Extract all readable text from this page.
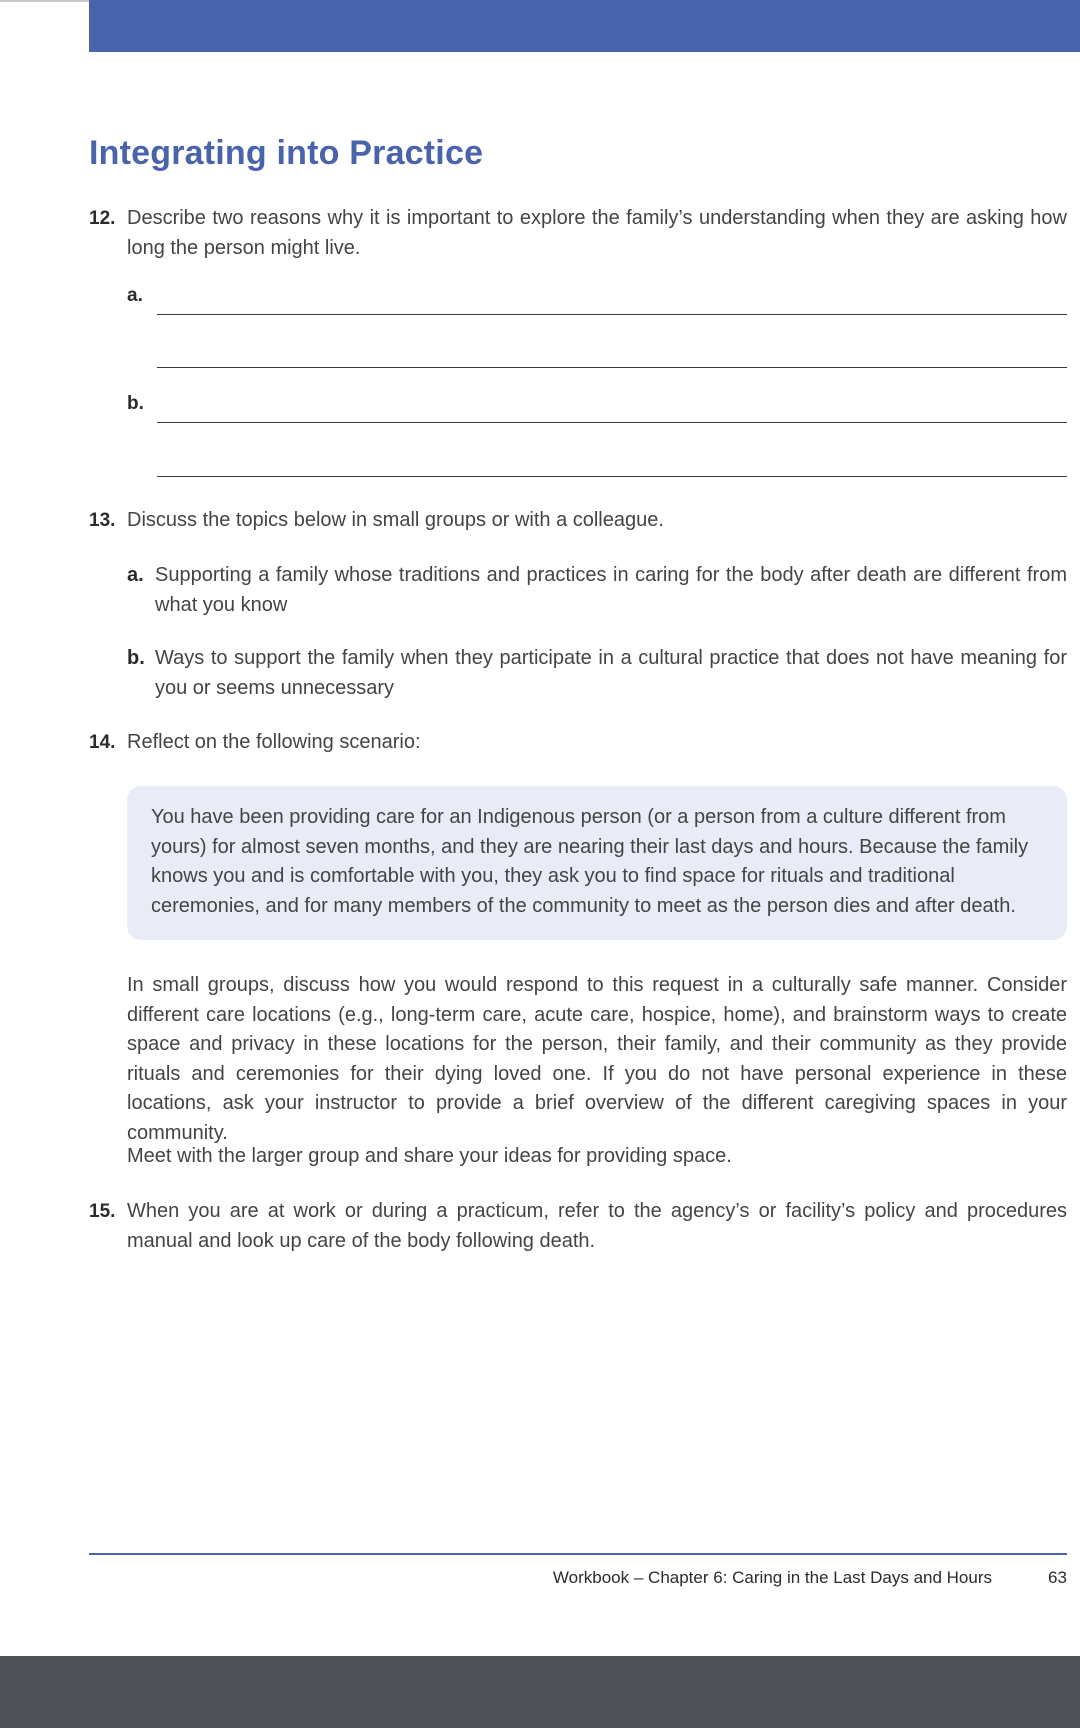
Integrating into Practice
12. Describe two reasons why it is important to explore the family’s understanding when they are asking how long the person might live.
a.
b.
13. Discuss the topics below in small groups or with a colleague.
a. Supporting a family whose traditions and practices in caring for the body after death are different from what you know
b. Ways to support the family when they participate in a cultural practice that does not have meaning for you or seems unnecessary
14. Reflect on the following scenario:

You have been providing care for an Indigenous person (or a person from a culture different from yours) for almost seven months, and they are nearing their last days and hours. Because the family knows you and is comfortable with you, they ask you to find space for rituals and traditional ceremonies, and for many members of the community to meet as the person dies and after death.

In small groups, discuss how you would respond to this request in a culturally safe manner. Consider different care locations (e.g., long-term care, acute care, hospice, home), and brainstorm ways to create space and privacy in these locations for the person, their family, and their community as they provide rituals and ceremonies for their dying loved one. If you do not have personal experience in these locations, ask your instructor to provide a brief overview of the different caregiving spaces in your community.

Meet with the larger group and share your ideas for providing space.

15. When you are at work or during a practicum, refer to the agency’s or facility’s policy and procedures manual and look up care of the body following death.
Workbook – Chapter 6: Caring in the Last Days and Hours	63
